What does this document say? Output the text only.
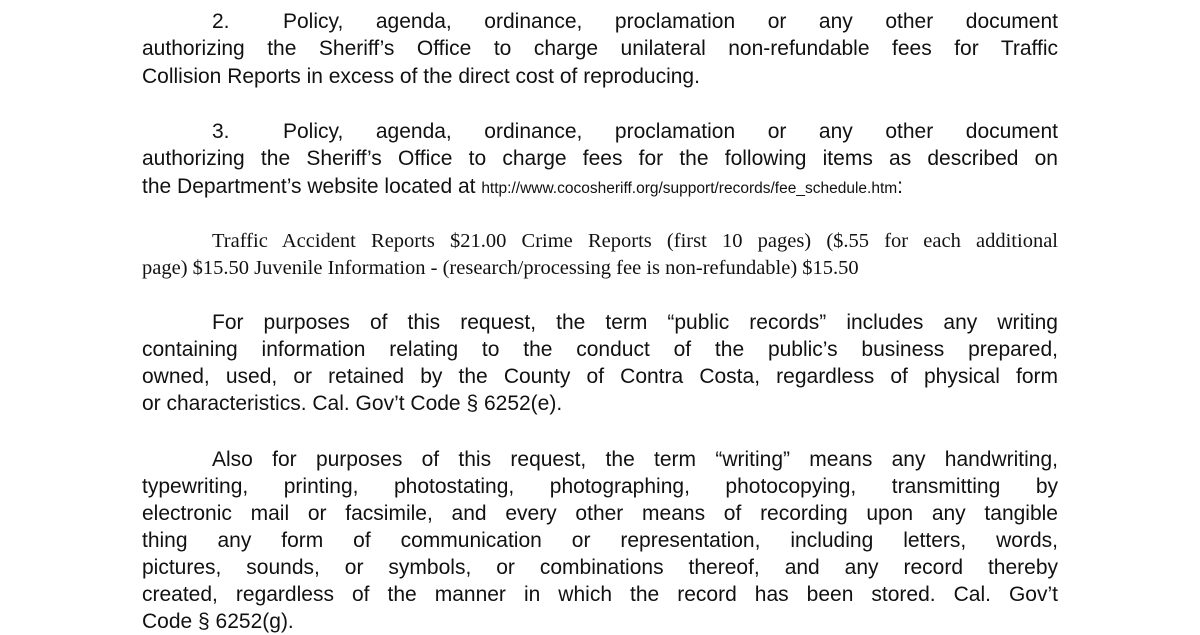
2.	Policy, agenda, ordinance, proclamation or any other document
authorizing the Sheriff’s Office to charge unilateral non-refundable fees for Traffic
Collision Reports in excess of the direct cost of reproducing.
3.	Policy, agenda, ordinance, proclamation or any other document
authorizing the Sheriff’s Office to charge fees for the following items as described on
the Department’s website located at http://www.cocosheriff.org/support/records/fee_schedule.htm:
Traffic Accident Reports $21.00 Crime Reports (first 10 pages) ($.55 for each additional
page) $15.50 Juvenile Information - (research/processing fee is non-refundable) $15.50
For purposes of this request, the term “public records” includes any writing
containing information relating to the conduct of the public’s business prepared,
owned, used, or retained by the County of Contra Costa, regardless of physical form
or characteristics. Cal. Gov’t Code § 6252(e).
Also for purposes of this request, the term “writing” means any handwriting,
typewriting, printing, photostating, photographing, photocopying, transmitting by
electronic mail or facsimile, and every other means of recording upon any tangible
thing any form of communication or representation, including letters, words,
pictures, sounds, or symbols, or combinations thereof, and any record thereby
created, regardless of the manner in which the record has been stored. Cal. Gov’t
Code § 6252(g).
